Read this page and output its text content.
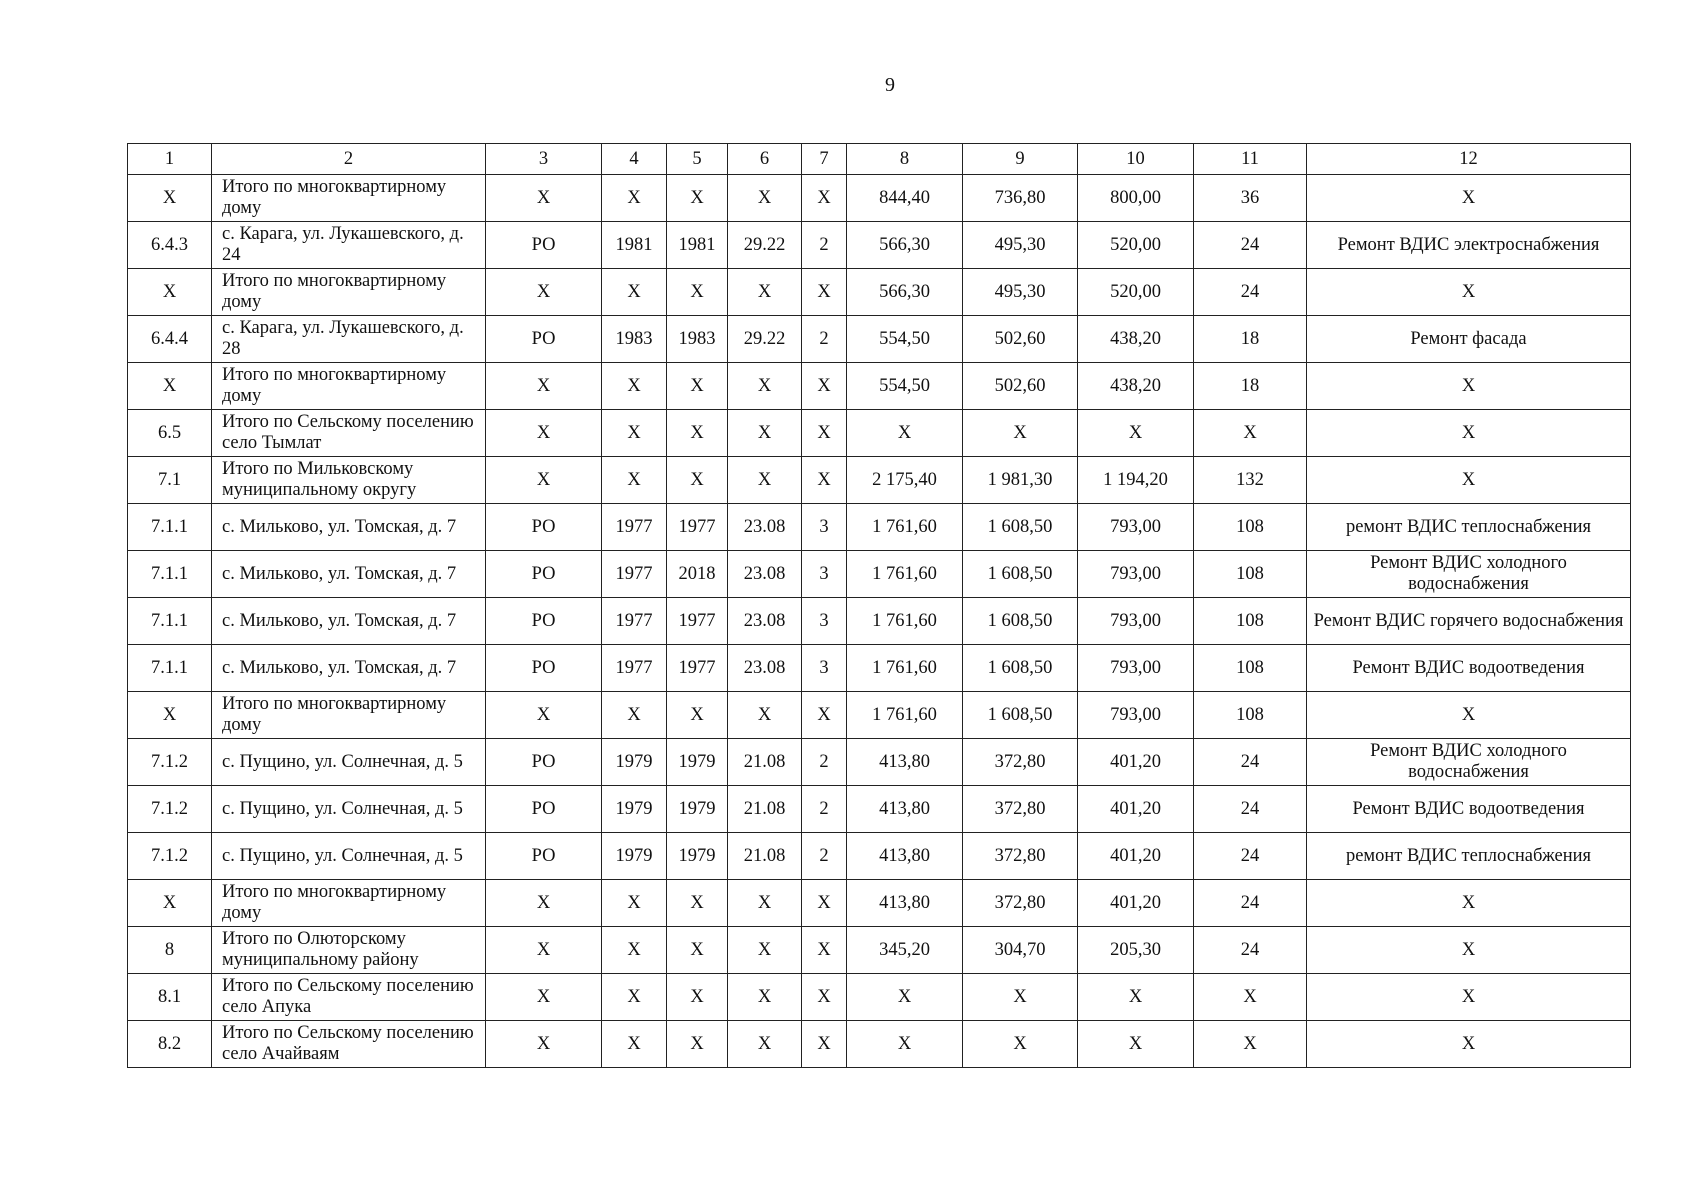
9
1	2	3	4	5	6	7	8	9	10	11	12
X	Итого по многоквартирному дому	X	X	X	X	X	844,40	736,80	800,00	36	X
6.4.3	с. Карага, ул. Лукашевского, д. 24	РО	1981	1981	29.22	2	566,30	495,30	520,00	24	Ремонт ВДИС электроснабжения
X	Итого по многоквартирному дому	X	X	X	X	X	566,30	495,30	520,00	24	X
6.4.4	с. Карага, ул. Лукашевского, д. 28	РО	1983	1983	29.22	2	554,50	502,60	438,20	18	Ремонт фасада
X	Итого по многоквартирному дому	X	X	X	X	X	554,50	502,60	438,20	18	X
6.5	Итого по Сельскому поселению село Тымлат	X	X	X	X	X	X	X	X	X	X
7.1	Итого по Мильковскому муниципальному округу	X	X	X	X	X	2 175,40	1 981,30	1 194,20	132	X
7.1.1	с. Мильково, ул. Томская, д. 7	РО	1977	1977	23.08	3	1 761,60	1 608,50	793,00	108	ремонт ВДИС теплоснабжения
7.1.1	с. Мильково, ул. Томская, д. 7	РО	1977	2018	23.08	3	1 761,60	1 608,50	793,00	108	Ремонт ВДИС холодного водоснабжения
7.1.1	с. Мильково, ул. Томская, д. 7	РО	1977	1977	23.08	3	1 761,60	1 608,50	793,00	108	Ремонт ВДИС горячего водоснабжения
7.1.1	с. Мильково, ул. Томская, д. 7	РО	1977	1977	23.08	3	1 761,60	1 608,50	793,00	108	Ремонт ВДИС водоотведения
X	Итого по многоквартирному дому	X	X	X	X	X	1 761,60	1 608,50	793,00	108	X
7.1.2	с. Пущино, ул. Солнечная, д. 5	РО	1979	1979	21.08	2	413,80	372,80	401,20	24	Ремонт ВДИС холодного водоснабжения
7.1.2	с. Пущино, ул. Солнечная, д. 5	РО	1979	1979	21.08	2	413,80	372,80	401,20	24	Ремонт ВДИС водоотведения
7.1.2	с. Пущино, ул. Солнечная, д. 5	РО	1979	1979	21.08	2	413,80	372,80	401,20	24	ремонт ВДИС теплоснабжения
X	Итого по многоквартирному дому	X	X	X	X	X	413,80	372,80	401,20	24	X
8	Итого по Олюторскому муниципальному району	X	X	X	X	X	345,20	304,70	205,30	24	X
8.1	Итого по Сельскому поселению село Апука	X	X	X	X	X	X	X	X	X	X
8.2	Итого по Сельскому поселению село Ачайваям	X	X	X	X	X	X	X	X	X	X
